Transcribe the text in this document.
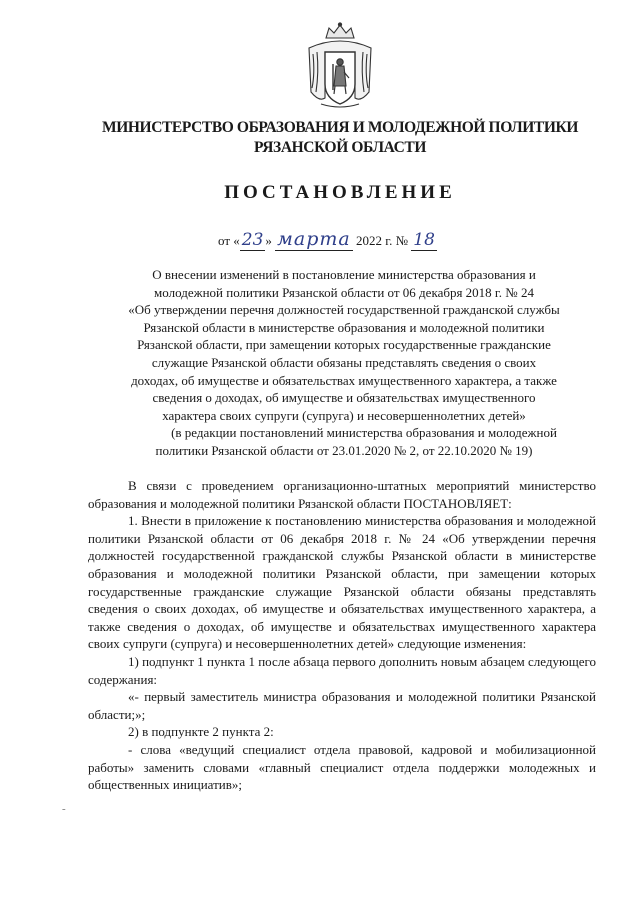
МИНИСТЕРСТВО ОБРАЗОВАНИЯ И МОЛОДЕЖНОЙ ПОЛИТИКИ
РЯЗАНСКОЙ ОБЛАСТИ
ПОСТАНОВЛЕНИЕ
от « 23 » марта 2022 г. № 18
О внесении изменений в постановление министерства образования и
молодежной политики Рязанской области от 06 декабря 2018 г. № 24
«Об утверждении перечня должностей государственной гражданской службы
Рязанской области в министерстве образования и молодежной политики
Рязанской области, при замещении которых государственные гражданские
служащие Рязанской области обязаны представлять сведения о своих
доходах, об имуществе и обязательствах имущественного характера, а также
сведения о доходах, об имуществе и обязательствах имущественного
характера своих супруги (супруга) и несовершеннолетних детей»
(в редакции постановлений министерства образования и молодежной
политики Рязанской области от 23.01.2020 № 2, от 22.10.2020 № 19)

В связи с проведением организационно-штатных мероприятий министерство образования и молодежной политики Рязанской области ПОСТАНОВЛЯЕТ:

1. Внести в приложение к постановлению министерства образования и молодежной политики Рязанской области от 06 декабря 2018 г. № 24 «Об утверждении перечня должностей государственной гражданской службы Рязанской области в министерстве образования и молодежной политики Рязанской области, при замещении которых государственные гражданские служащие Рязанской области обязаны представлять сведения о своих доходах, об имуществе и обязательствах имущественного характера, а также сведения о доходах, об имуществе и обязательствах имущественного характера своих супруги (супруга) и несовершеннолетних детей» следующие изменения:

1) подпункт 1 пункта 1 после абзаца первого дополнить новым абзацем следующего содержания:

«- первый заместитель министра образования и молодежной политики Рязанской области;»;

2) в подпункте 2 пункта 2:

- слова «ведущий специалист отдела правовой, кадровой и мобилизационной работы» заменить словами «главный специалист отдела поддержки молодежных и общественных инициатив»;

-
